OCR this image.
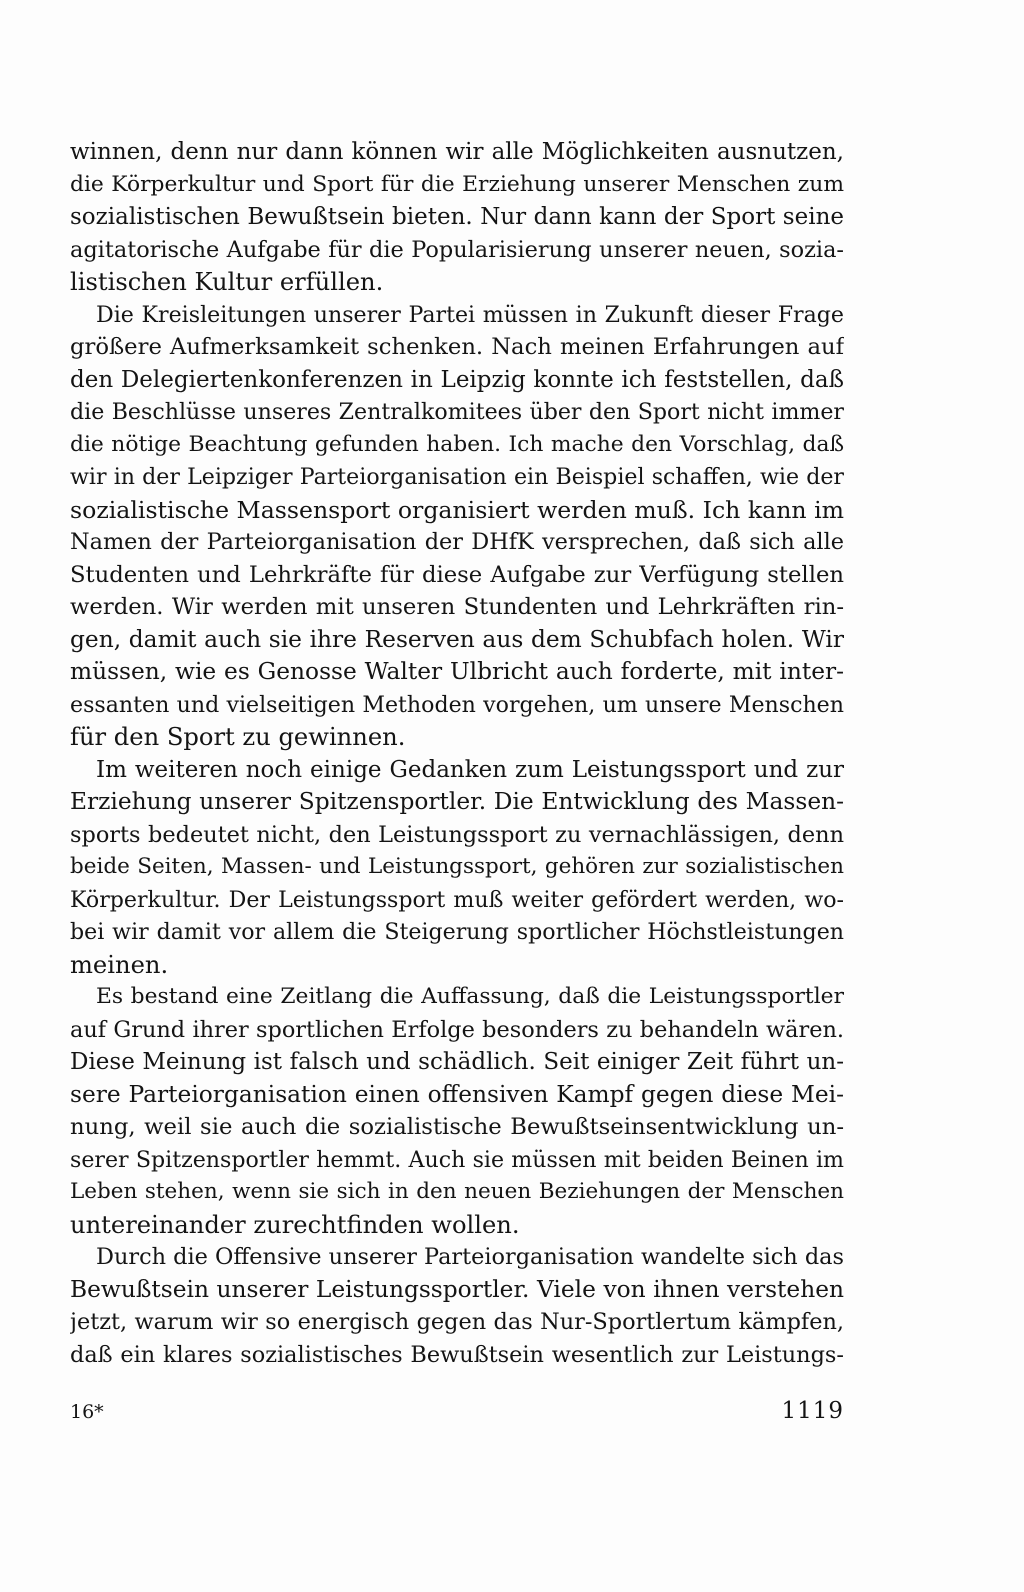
winnen, denn nur dann können wir alle Möglichkeiten ausnutzen,
die Körperkultur und Sport für die Erziehung unserer Menschen zum
sozialistischen Bewußtsein bieten. Nur dann kann der Sport seine
agitatorische Aufgabe für die Popularisierung unserer neuen, sozia-
listischen Kultur erfüllen.
Die Kreisleitungen unserer Partei müssen in Zukunft dieser Frage
größere Aufmerksamkeit schenken. Nach meinen Erfahrungen auf
den Delegiertenkonferenzen in Leipzig konnte ich feststellen, daß
die Beschlüsse unseres Zentralkomitees über den Sport nicht immer
die nötige Beachtung gefunden haben. Ich mache den Vorschlag, daß
wir in der Leipziger Parteiorganisation ein Beispiel schaffen, wie der
sozialistische Massensport organisiert werden muß. Ich kann im
Namen der Parteiorganisation der DHfK versprechen, daß sich alle
Studenten und Lehrkräfte für diese Aufgabe zur Verfügung stellen
werden. Wir werden mit unseren Stundenten und Lehrkräften rin-
gen, damit auch sie ihre Reserven aus dem Schubfach holen. Wir
müssen, wie es Genosse Walter Ulbricht auch forderte, mit inter-
essanten und vielseitigen Methoden vorgehen, um unsere Menschen
für den Sport zu gewinnen.
Im weiteren noch einige Gedanken zum Leistungssport und zur
Erziehung unserer Spitzensportler. Die Entwicklung des Massen-
sports bedeutet nicht, den Leistungssport zu vernachlässigen, denn
beide Seiten, Massen- und Leistungssport, gehören zur sozialistischen
Körperkultur. Der Leistungssport muß weiter gefördert werden, wo-
bei wir damit vor allem die Steigerung sportlicher Höchstleistungen
meinen.
Es bestand eine Zeitlang die Auffassung, daß die Leistungssportler
auf Grund ihrer sportlichen Erfolge besonders zu behandeln wären.
Diese Meinung ist falsch und schädlich. Seit einiger Zeit führt un-
sere Parteiorganisation einen offensiven Kampf gegen diese Mei-
nung, weil sie auch die sozialistische Bewußtseinsentwicklung un-
serer Spitzensportler hemmt. Auch sie müssen mit beiden Beinen im
Leben stehen, wenn sie sich in den neuen Beziehungen der Menschen
untereinander zurechtfinden wollen.
Durch die Offensive unserer Parteiorganisation wandelte sich das
Bewußtsein unserer Leistungssportler. Viele von ihnen verstehen
jetzt, warum wir so energisch gegen das Nur-Sportlertum kämpfen,
daß ein klares sozialistisches Bewußtsein wesentlich zur Leistungs-
16*	1119
